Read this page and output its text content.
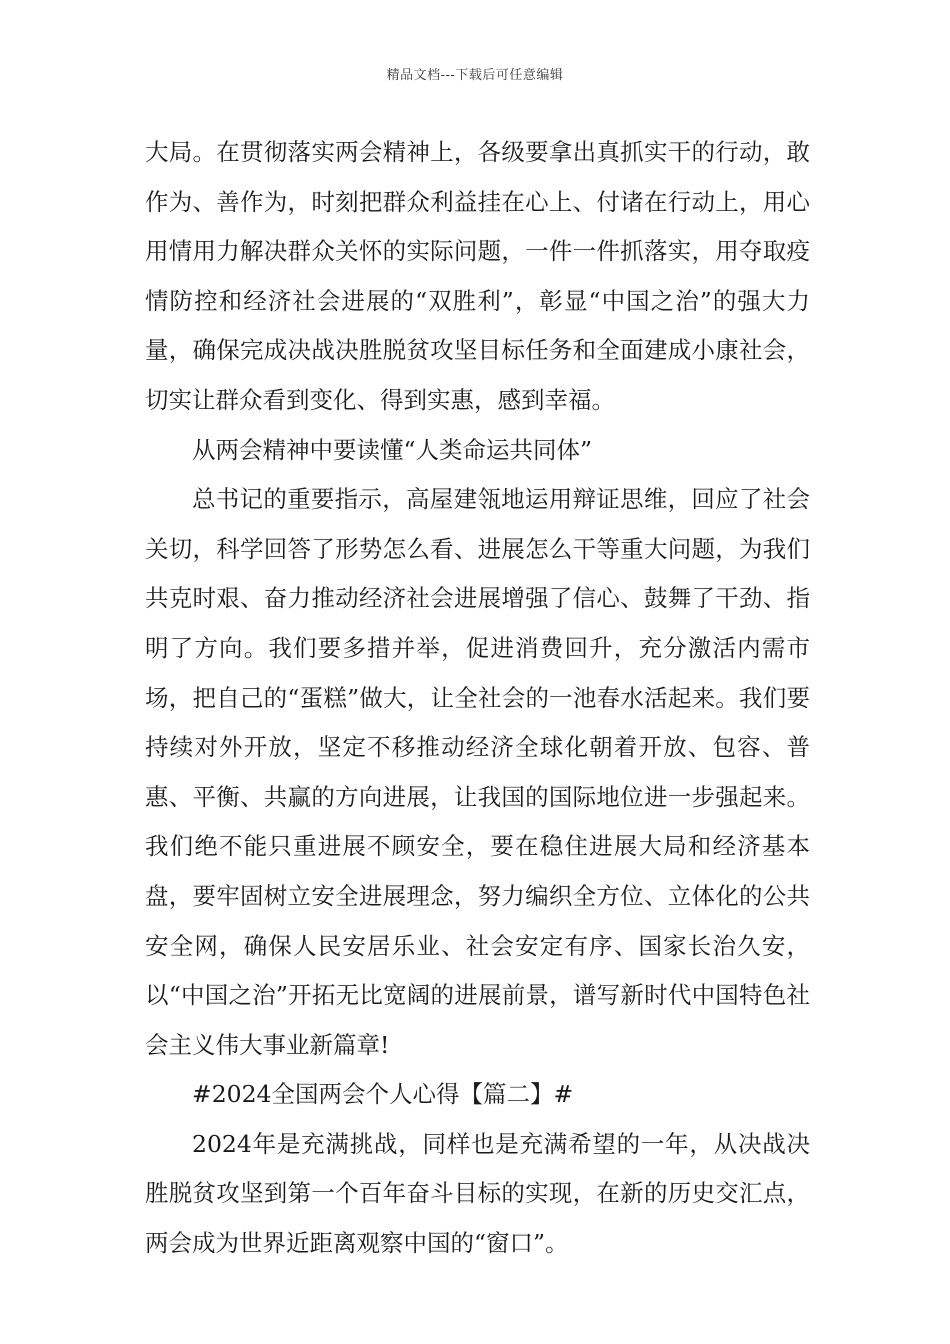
精品文档---下载后可任意编辑

大局。在贯彻落实两会精神上，各级要拿出真抓实干的行动，敢作为、善作为，时刻把群众利益挂在心上、付诸在行动上，用心用情用力解决群众关怀的实际问题，一件一件抓落实，用夺取疫情防控和经济社会进展的“双胜利”，彰显“中国之治”的强大力量，确保完成决战决胜脱贫攻坚目标任务和全面建成小康社会，切实让群众看到变化、得到实惠，感到幸福。

从两会精神中要读懂“人类命运共同体”

总书记的重要指示，高屋建瓴地运用辩证思维，回应了社会关切，科学回答了形势怎么看、进展怎么干等重大问题，为我们共克时艰、奋力推动经济社会进展增强了信心、鼓舞了干劲、指明了方向。我们要多措并举，促进消费回升，充分激活内需市场，把自己的“蛋糕”做大，让全社会的一池春水活起来。我们要持续对外开放，坚定不移推动经济全球化朝着开放、包容、普惠、平衡、共赢的方向进展，让我国的国际地位进一步强起来。我们绝不能只重进展不顾安全，要在稳住进展大局和经济基本盘，要牢固树立安全进展理念，努力编织全方位、立体化的公共安全网，确保人民安居乐业、社会安定有序、国家长治久安，以“中国之治”开拓无比宽阔的进展前景，谱写新时代中国特色社会主义伟大事业新篇章!

#2024全国两会个人心得【篇二】#

2024年是充满挑战，同样也是充满希望的一年，从决战决胜脱贫攻坚到第一个百年奋斗目标的实现，在新的历史交汇点，两会成为世界近距离观察中国的“窗口”。
